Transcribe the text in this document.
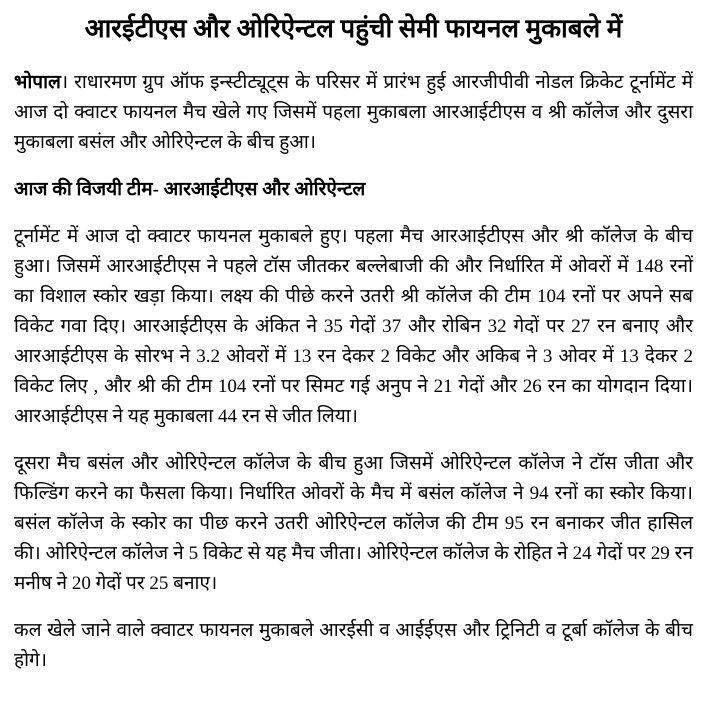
आरईटीएस और ओरिऐन्टल पहुंची सेमी फायनल मुकाबले में

भोपाल। राधारमण ग्रुप ऑफ इन्स्टीट्यूट्स के परिसर में प्रारंभ हुई आरजीपीवी नोडल क्रिकेट टूर्नामेंट में आज दो क्वाटर फायनल मैच खेले गए जिसमें पहला मुकाबला आरआईटीएस व श्री कॉलेज और दुसरा मुकाबला बसंल और ओरिऐन्टल के बीच हुआ।

आज की विजयी टीम- आरआईटीएस और ओरिऐन्टल

टूर्नामेंट में आज दो क्वाटर फायनल मुकाबले हुए। पहला मैच आरआईटीएस और श्री कॉलेज के बीच हुआ। जिसमें आरआईटीएस ने पहले टॉस जीतकर बल्लेबाजी की और निर्धारित में ओवरों में 148 रनों का विशाल स्कोर खड़ा किया। लक्ष्य की पीछे करने उतरी श्री कॉलेज की टीम 104 रनों पर अपने सब विकेट गवा दिए। आरआईटीएस के अंकित ने 35 गेदों 37 और रोबिन 32 गेदों पर 27 रन बनाए और आरआईटीएस के सोरभ ने 3.2 ओवरों में 13 रन देकर 2 विकेट और अकिब ने 3 ओवर में 13 देकर 2 विकेट लिए , और श्री की टीम 104 रनों पर सिमट गई अनुप ने 21 गेदों और 26 रन का योगदान दिया। आरआईटीएस ने यह मुकाबला 44 रन से जीत लिया।

दूसरा मैच बसंल और ओरिऐन्टल कॉलेज के बीच हुआ जिसमें ओरिऐन्टल कॉलेज ने टॉस जीता और फिल्डिंग करने का फैसला किया। निर्धारित ओवरों के मैच में बसंल कॉलेज ने 94 रनों का स्कोर किया। बसंल कॉलेज के स्कोर का पीछ करने उतरी ओरिऐन्टल कॉलेज की टीम 95 रन बनाकर जीत हासिल की। ओरिऐन्टल कॉलेज ने 5 विकेट से यह मैच जीता। ओरिऐन्टल कॉलेज के रोहित ने 24 गेदों पर 29 रन मनीष ने 20 गेदों पर 25 बनाए।

कल खेले जाने वाले क्वाटर फायनल मुकाबले आरईसी व आईईएस और ट्रिनिटी व टूर्बा कॉलेज के बीच होगे।
